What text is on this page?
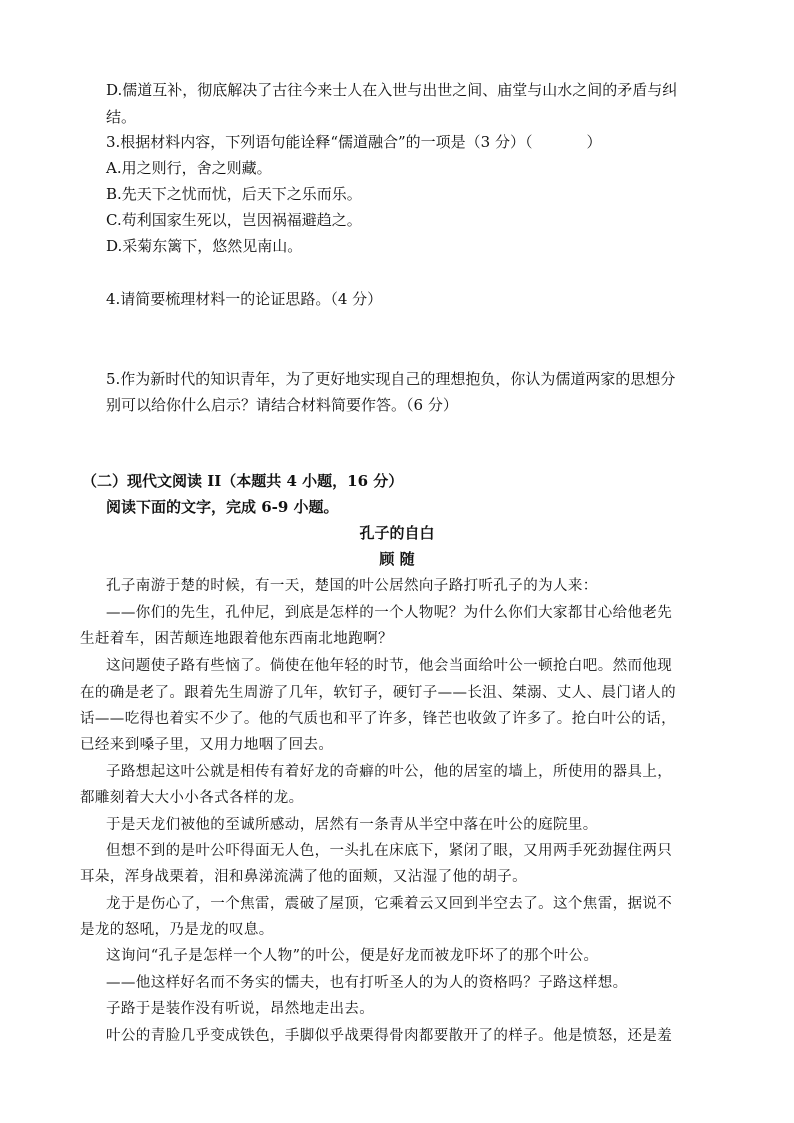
D.儒道互补，彻底解决了古往今来士人在入世与出世之间、庙堂与山水之间的矛盾与纠
结。
3.根据材料内容，下列语句能诠释“儒道融合”的一项是（3 分）（	）
A.用之则行，舍之则藏。
B.先天下之忧而忧，后天下之乐而乐。
C.苟利国家生死以，岂因祸福避趋之。
D.采菊东篱下，悠然见南山。
4.请简要梳理材料一的论证思路。（4 分）
5.作为新时代的知识青年，为了更好地实现自己的理想抱负，你认为儒道两家的思想分
别可以给你什么启示？请结合材料简要作答。（6 分）
（二）现代文阅读 II（本题共 4 小题，16 分）
阅读下面的文字，完成 6-9 小题。
孔子的自白
顾 随
孔子南游于楚的时候，有一天，楚国的叶公居然向子路打听孔子的为人来：
——你们的先生，孔仲尼，到底是怎样的一个人物呢？为什么你们大家都甘心给他老先
生赶着车，困苦颠连地跟着他东西南北地跑啊？
这问题使子路有些恼了。倘使在他年轻的时节，他会当面给叶公一顿抢白吧。然而他现
在的确是老了。跟着先生周游了几年，软钉子，硬钉子——长沮、桀溺、丈人、晨门诸人的
话——吃得也着实不少了。他的气质也和平了许多，锋芒也收敛了许多了。抢白叶公的话，
已经来到嗓子里，又用力地咽了回去。
子路想起这叶公就是相传有着好龙的奇癖的叶公，他的居室的墙上，所使用的器具上，
都雕刻着大大小小各式各样的龙。
于是天龙们被他的至诚所感动，居然有一条青从半空中落在叶公的庭院里。
但想不到的是叶公吓得面无人色，一头扎在床底下，紧闭了眼，又用两手死劲握住两只
耳朵，浑身战栗着，泪和鼻涕流满了他的面颊，又沾湿了他的胡子。
龙于是伤心了，一个焦雷，震破了屋顶，它乘着云又回到半空去了。这个焦雷，据说不
是龙的怒吼，乃是龙的叹息。
这询问“孔子是怎样一个人物”的叶公，便是好龙而被龙吓坏了的那个叶公。
——他这样好名而不务实的懦夫，也有打听圣人的为人的资格吗？子路这样想。
子路于是装作没有听说，昂然地走出去。
叶公的青脸几乎变成铁色，手脚似乎战栗得骨肉都要散开了的样子。他是愤怒，还是羞
